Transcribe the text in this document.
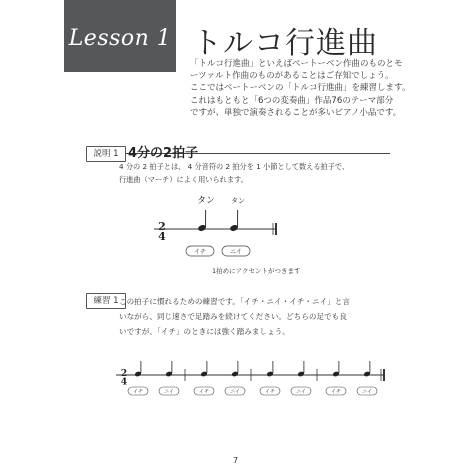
Lesson 1 トルコ行進曲

「トルコ行進曲」といえばベートーベン作曲のものとモ

ーツァルト作曲のものがあることはご存知でしょう。

ここではベートーベンの「トルコ行進曲」を練習します。

これはもともと「6つの変奏曲」作品76のテーマ部分

ですが、単独で演奏されることが多いピアノ小品です。

説明 1 4分の2拍子

4 分の 2 拍子とは、 4 分音符の 2 拍分を 1 小節として数える拍子で、

行進曲（マーチ）によく用いられます。

タン タン
2
4
イチ	ニイ
1拍めにアクセントがつきます
練習 1 この拍子に慣れるための練習です。「イチ・ニイ・イチ・ニイ」と言

いながら、同じ速さで足踏みを続けてください。どちらの足でも良

いですが、「イチ」のときには強く踏みましょう。

2
4
イチ	ニイ	イチ	ニイ	イチ	ニイ	イチ	ニイ
7
